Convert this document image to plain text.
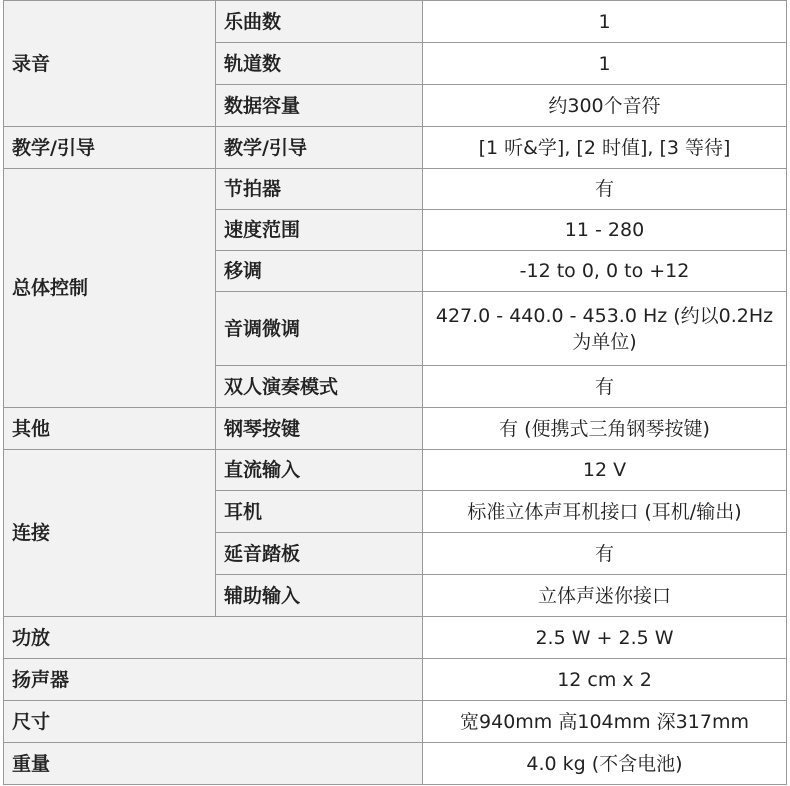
录音	乐曲数	1
	轨道数	1
	数据容量	约300个音符
教学/引导	教学/引导	[1 听&学], [2 时值], [3 等待]
总体控制	节拍器	有
	速度范围	11 - 280
	移调	-12 to 0, 0 to +12
	音调微调	427.0 - 440.0 - 453.0 Hz (约以0.2Hz为单位)
	双人演奏模式	有
其他	钢琴按键	有 (便携式三角钢琴按键)
连接	直流输入	12 V
	耳机	标准立体声耳机接口 (耳机/输出)
	延音踏板	有
	辅助输入	立体声迷你接口
功放		2.5 W + 2.5 W
扬声器		12 cm x 2
尺寸		宽940mm 高104mm 深317mm
重量		4.0 kg (不含电池)
